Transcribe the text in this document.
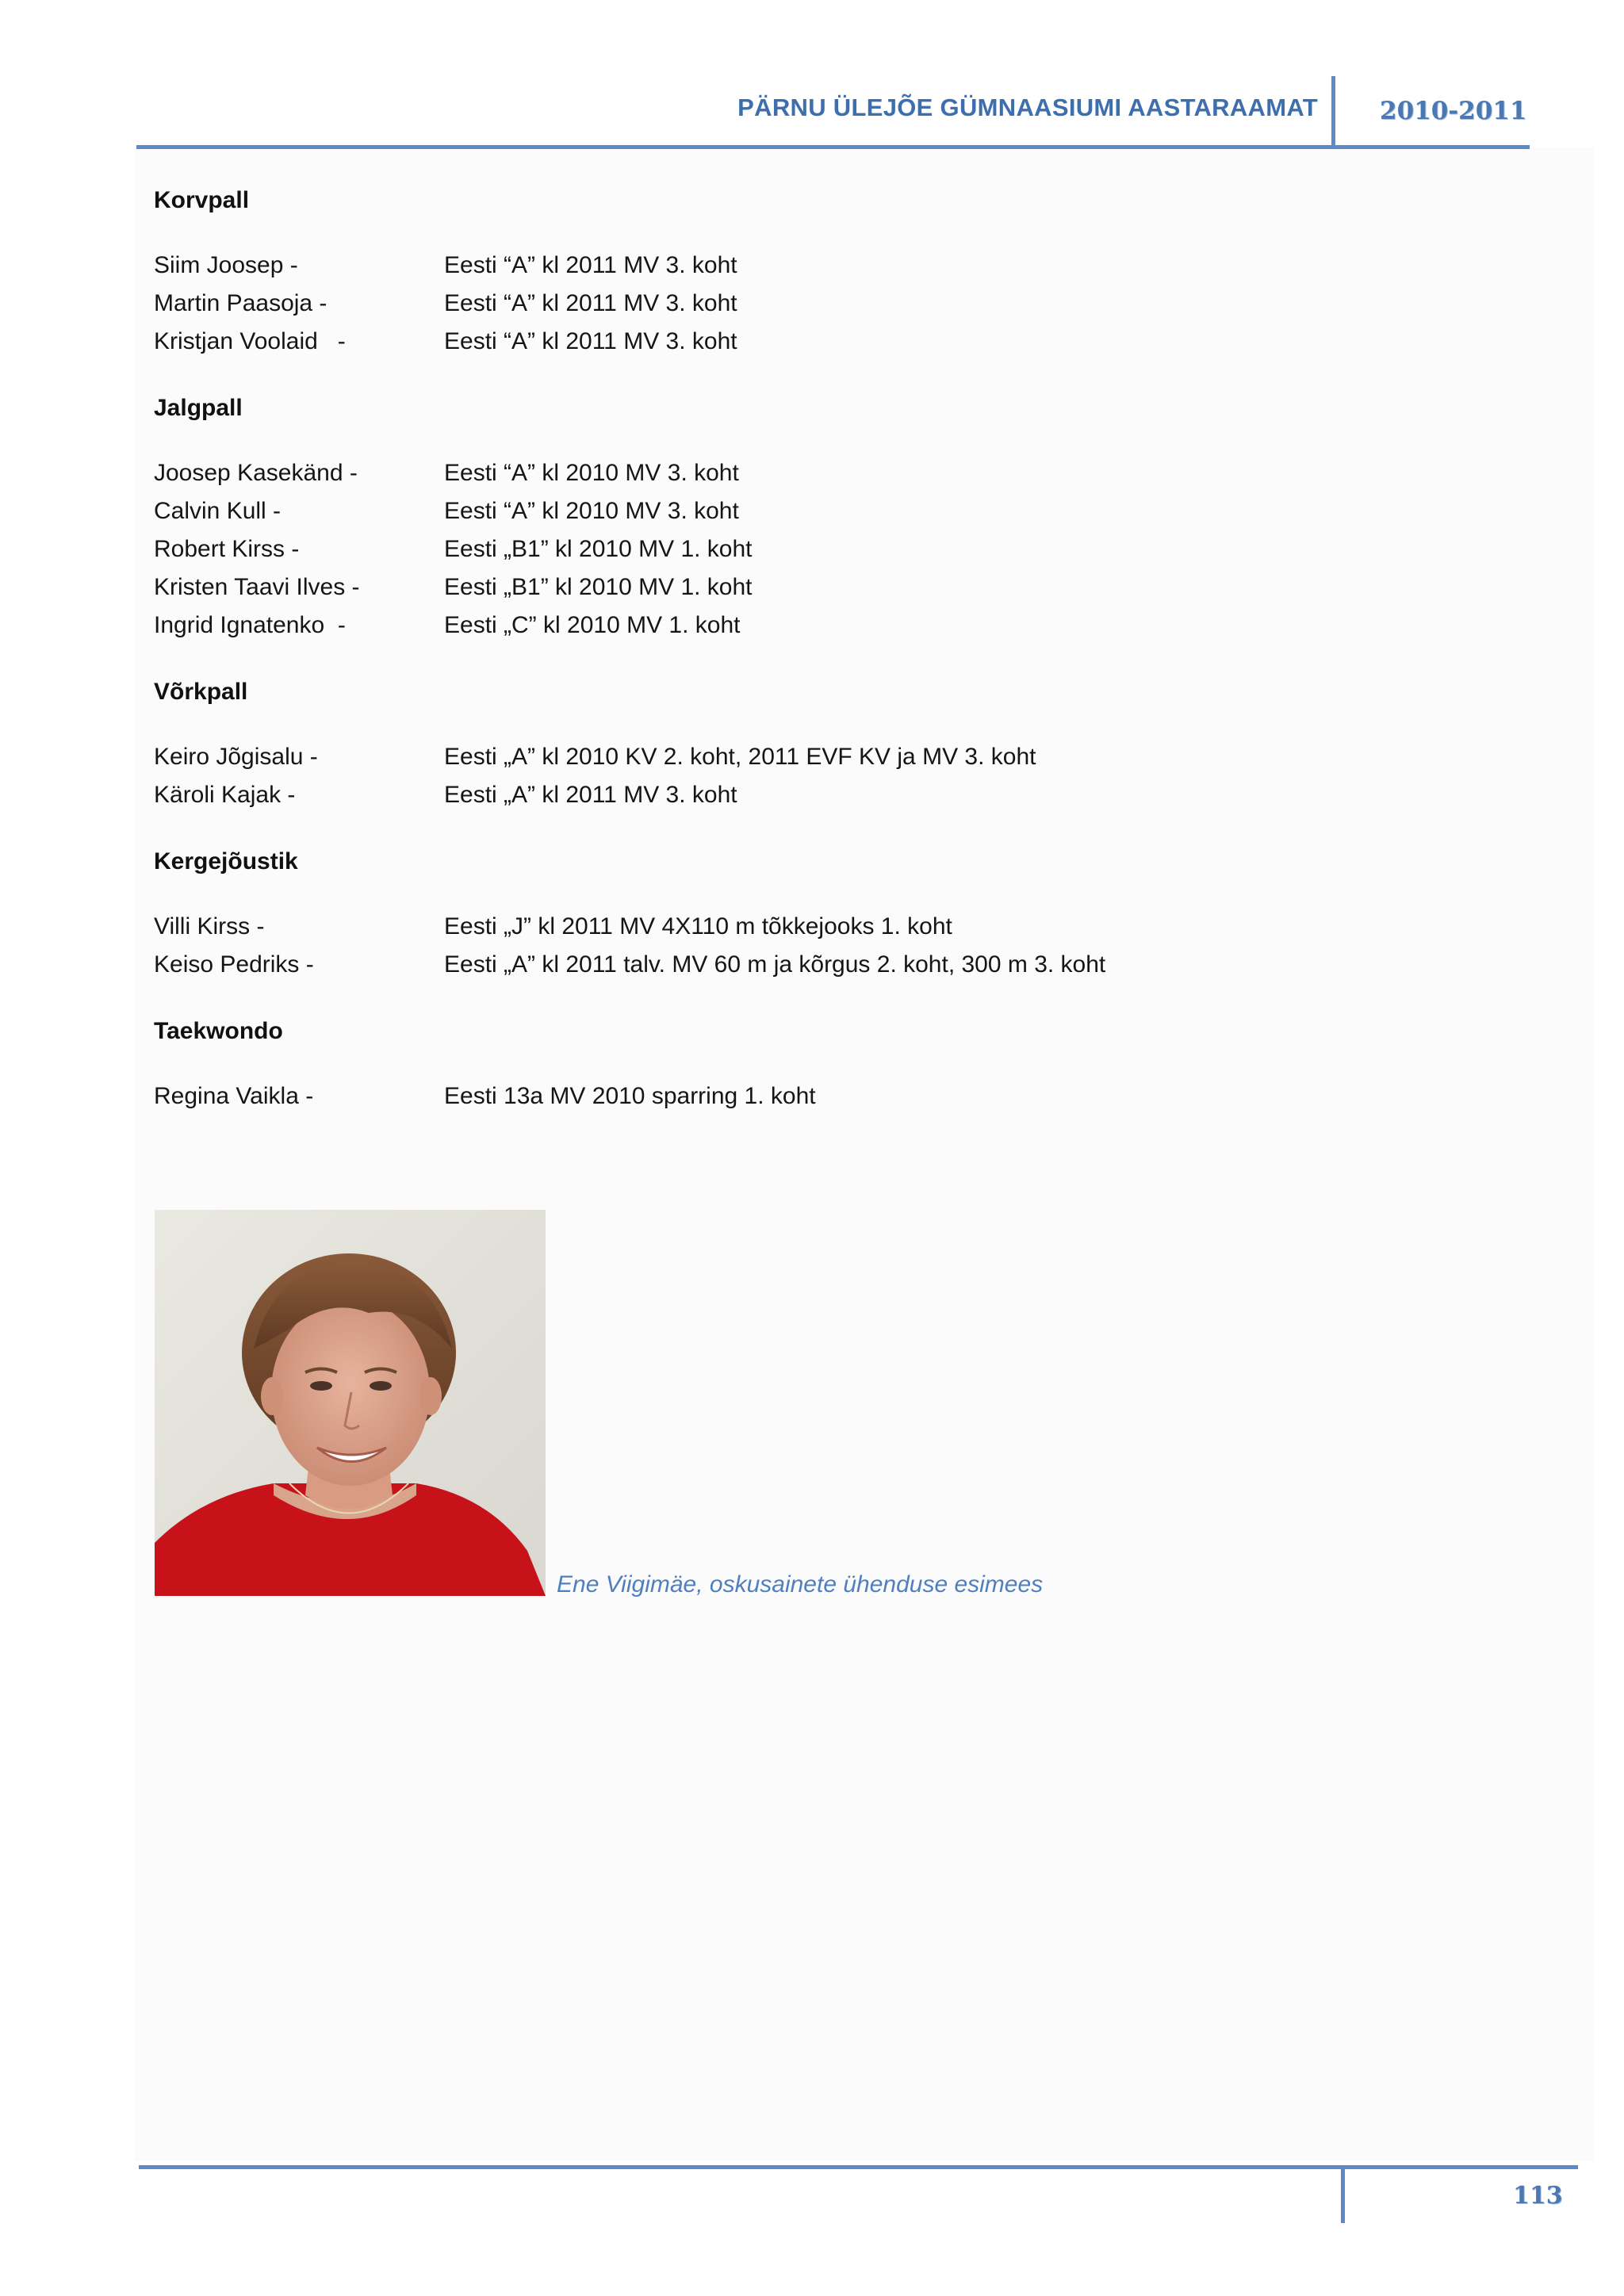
PÄRNU ÜLEJÕE GÜMNAASIUMI AASTARAAMAT	2010-2011
Korvpall
Siim Joosep -	Eesti “A” kl 2011 MV 3. koht
Martin Paasoja -	Eesti “A” kl 2011 MV 3. koht
Kristjan Voolaid   -	Eesti “A” kl 2011 MV 3. koht
Jalgpall
Joosep Kasekänd -	Eesti “A” kl 2010 MV 3. koht
Calvin Kull -	Eesti “A” kl 2010 MV 3. koht
Robert Kirss -	Eesti „B1” kl 2010 MV 1. koht
Kristen Taavi Ilves -	Eesti „B1” kl 2010 MV 1. koht
Ingrid Ignatenko  -	Eesti „C” kl 2010 MV 1. koht
Võrkpall
Keiro Jõgisalu -	Eesti „A” kl 2010 KV 2. koht, 2011 EVF KV ja MV 3. koht
Käroli Kajak -	Eesti „A” kl 2011 MV 3. koht
Kergejõustik
Villi Kirss -	Eesti „J” kl 2011 MV 4X110 m tõkkejooks 1. koht
Keiso Pedriks -	Eesti „A” kl 2011 talv. MV 60 m ja kõrgus 2. koht, 300 m 3. koht
Taekwondo
Regina Vaikla -	Eesti 13a MV 2010 sparring 1. koht
Ene Viigimäe, oskusainete ühenduse esimees
113
